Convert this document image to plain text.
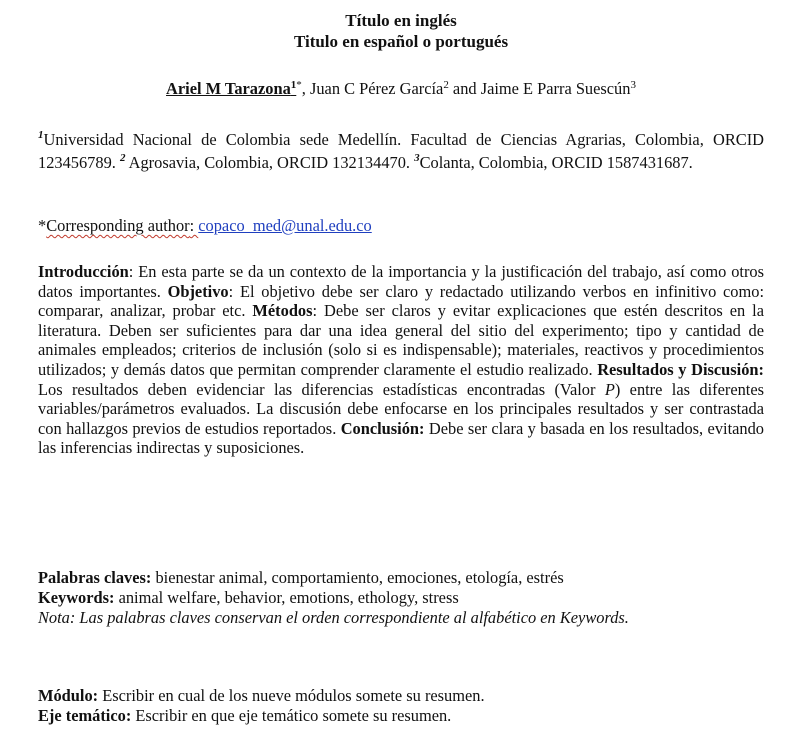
Título en inglés
Titulo en español o portugués
Ariel M Tarazona$^{1*}$, Juan C Pérez García$^2$ and Jaime E Parra Suescún$^3$
$^1$Universidad Nacional de Colombia sede Medellín. Facultad de Ciencias Agrarias, Colombia, ORCID 123456789. $^2$ Agrosavia, Colombia, ORCID 132134470. $^3$Colanta, Colombia, ORCID 1587431687.
*Corresponding author: copaco_med@unal.edu.co
Introducción: En esta parte se da un contexto de la importancia y la justificación del trabajo, así como otros datos importantes. Objetivo: El objetivo debe ser claro y redactado utilizando verbos en infinitivo como: comparar, analizar, probar etc. Métodos: Debe ser claros y evitar explicaciones que estén descritos en la literatura. Deben ser suficientes para dar una idea general del sitio del experimento; tipo y cantidad de animales empleados; criterios de inclusión (solo si es indispensable); materiales, reactivos y procedimientos utilizados; y demás datos que permitan comprender claramente el estudio realizado. Resultados y Discusión: Los resultados deben evidenciar las diferencias estadísticas encontradas (Valor P) entre las diferentes variables/parámetros evaluados. La discusión debe enfocarse en los principales resultados y ser contrastada con hallazgos previos de estudios reportados. Conclusión: Debe ser clara y basada en los resultados, evitando las inferencias indirectas y suposiciones.
Palabras claves: bienestar animal, comportamiento, emociones, etología, estrés
Keywords: animal welfare, behavior, emotions, ethology, stress
Nota: Las palabras claves conservan el orden correspondiente al alfabético en Keywords.
Módulo: Escribir en cual de los nueve módulos somete su resumen.
Eje temático: Escribir en que eje temático somete su resumen.
